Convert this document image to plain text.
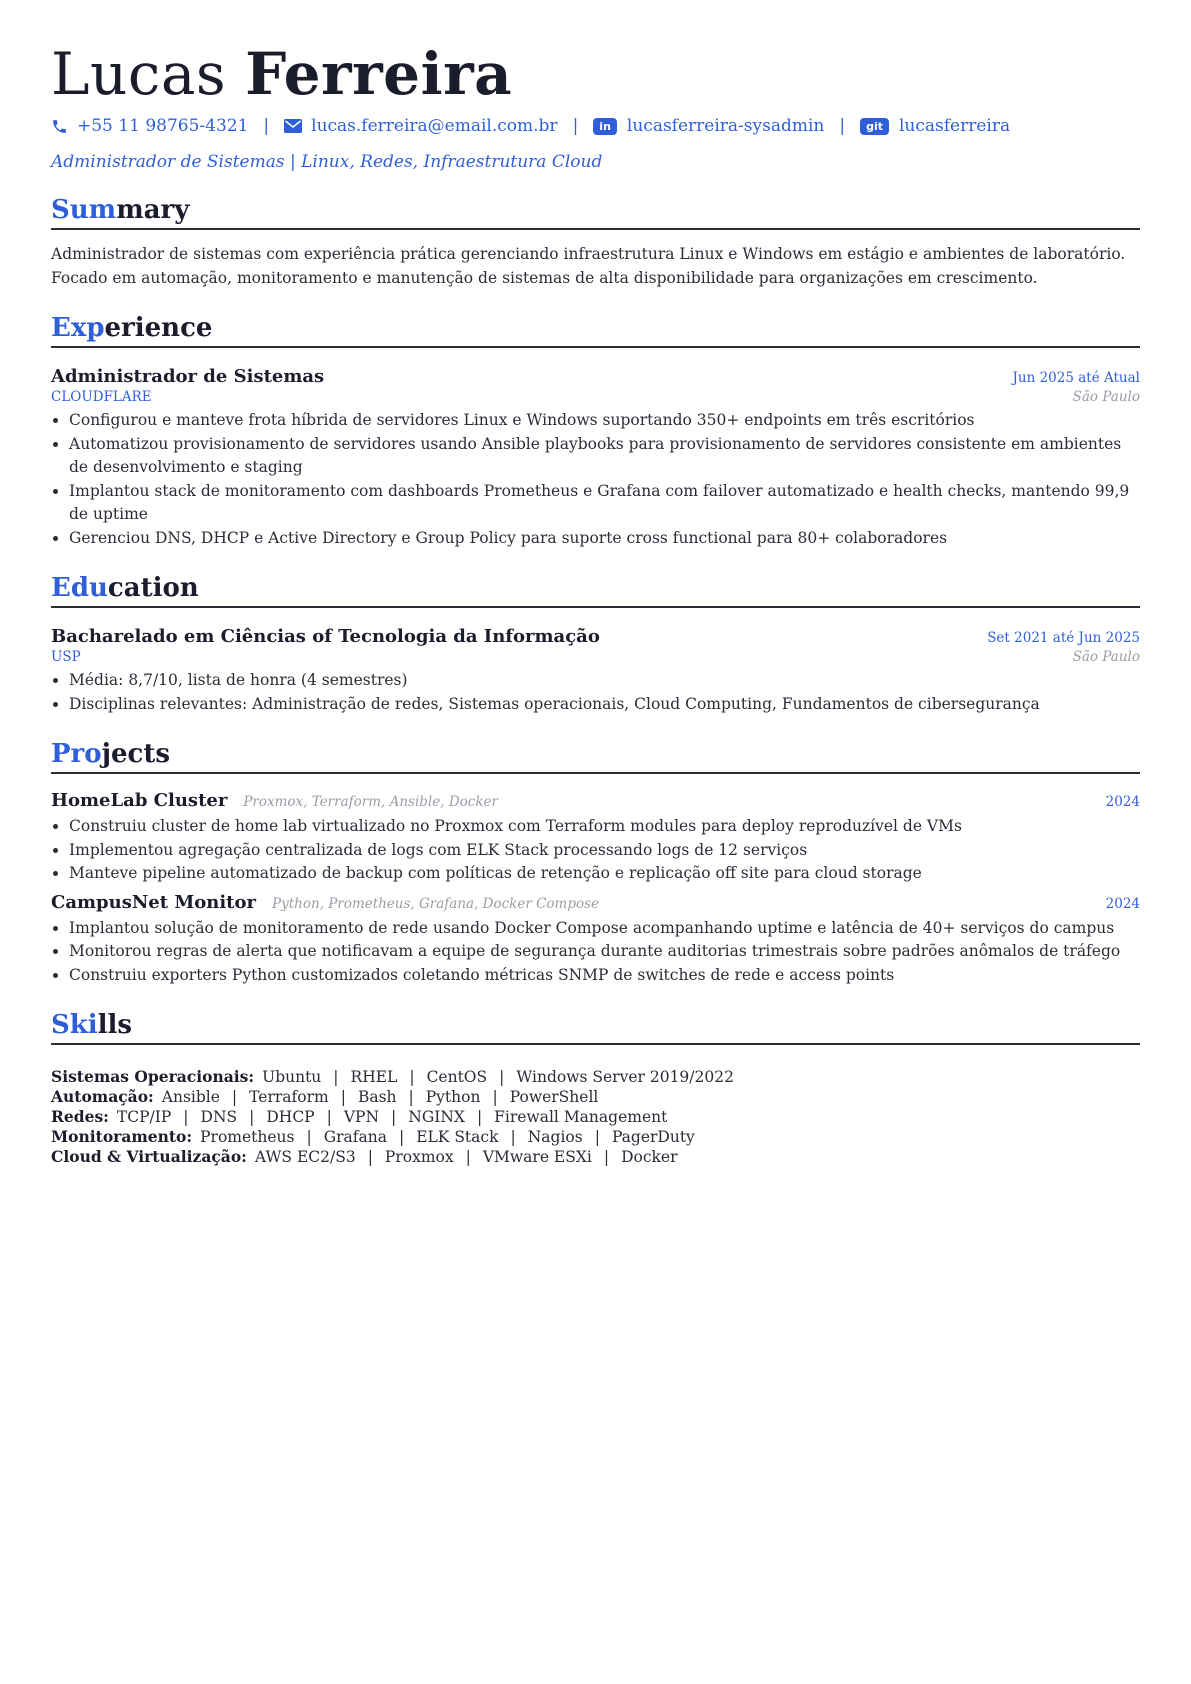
Lucas Ferreira
+55 11 98765-4321 | lucas.ferreira@email.com.br |	in lucasferreira-sysadmin |	git lucasferreira
Administrador de Sistemas | Linux, Redes, Infraestrutura Cloud
Summary
Administrador de sistemas com experiência prática gerenciando infraestrutura Linux e Windows em estágio e ambientes de laboratório. Focado em automação, monitoramento e manutenção de sistemas de alta disponibilidade para organizações em crescimento.
Experience
Administrador de Sistemas	Jun 2025 até Atual
CLOUDFLARE	São Paulo
• Configurou e manteve frota híbrida de servidores Linux e Windows suportando 350+ endpoints em três escritórios
• Automatizou provisionamento de servidores usando Ansible playbooks para provisionamento de servidores consistente em ambientes de desenvolvimento e staging
• Implantou stack de monitoramento com dashboards Prometheus e Grafana com failover automatizado e health checks, mantendo 99,9 de uptime
• Gerenciou DNS, DHCP e Active Directory e Group Policy para suporte cross functional para 80+ colaboradores
Education
Bacharelado em Ciências of Tecnologia da Informação	Set 2021 até Jun 2025
USP	São Paulo
• Média: 8,7/10, lista de honra (4 semestres)
• Disciplinas relevantes: Administração de redes, Sistemas operacionais, Cloud Computing, Fundamentos de cibersegurança
Projects
HomeLab Cluster Proxmox, Terraform, Ansible, Docker	2024
• Construiu cluster de home lab virtualizado no Proxmox com Terraform modules para deploy reproduzível de VMs
• Implementou agregação centralizada de logs com ELK Stack processando logs de 12 serviços
• Manteve pipeline automatizado de backup com políticas de retenção e replicação off site para cloud storage
CampusNet Monitor Python, Prometheus, Grafana, Docker Compose	2024
• Implantou solução de monitoramento de rede usando Docker Compose acompanhando uptime e latência de 40+ serviços do campus
• Monitorou regras de alerta que notificavam a equipe de segurança durante auditorias trimestrais sobre padrões anômalos de tráfego
• Construiu exporters Python customizados coletando métricas SNMP de switches de rede e access points
Skills
Sistemas Operacionais: Ubuntu | RHEL | CentOS | Windows Server 2019/2022
Automação: Ansible | Terraform | Bash | Python | PowerShell
Redes: TCP/IP | DNS | DHCP | VPN | NGINX | Firewall Management
Monitoramento: Prometheus | Grafana | ELK Stack | Nagios | PagerDuty
Cloud & Virtualização: AWS EC2/S3 | Proxmox | VMware ESXi | Docker
